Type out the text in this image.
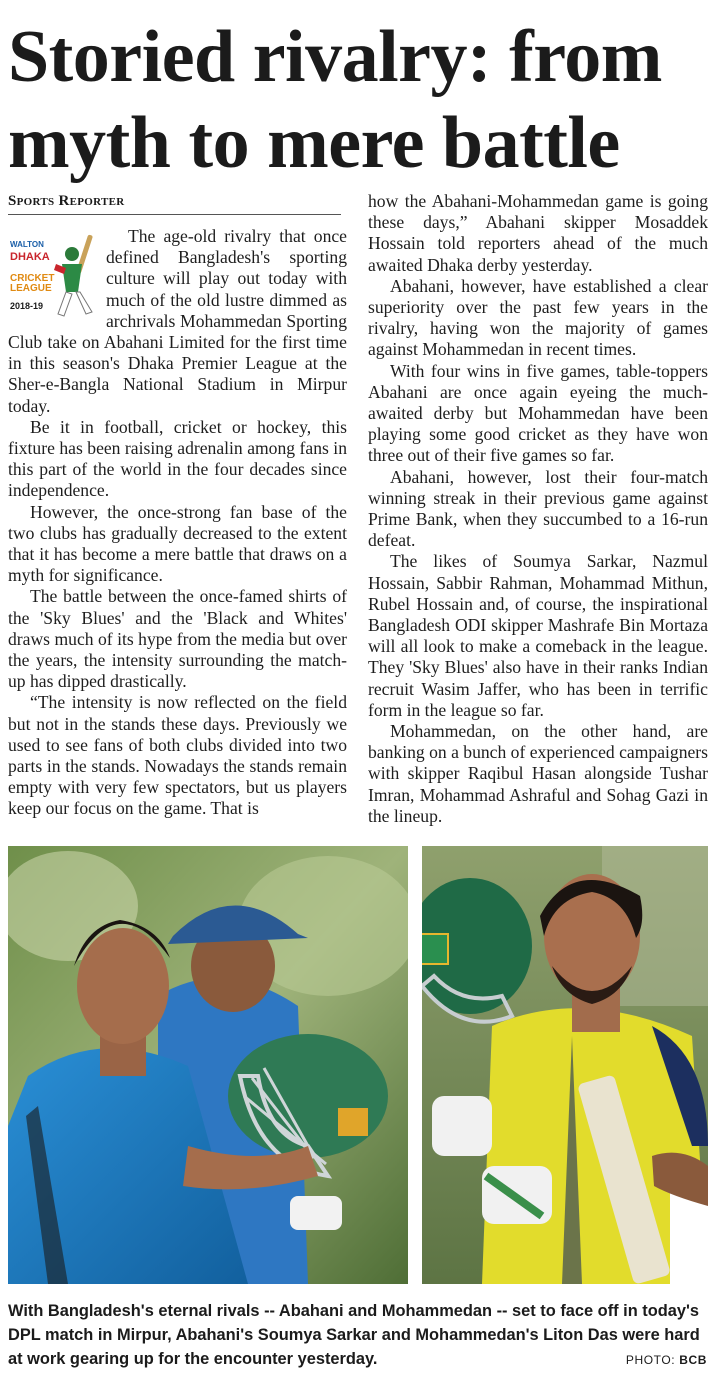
Storied rivalry: from myth to mere battle
Sports Reporter
WALTON
DHAKA
CRICKET LEAGUE
2018-19

The age-old rivalry that once defined Bangladesh's sporting culture will play out today with much of the old lustre dimmed as archrivals Mohammedan Sporting Club take on Abahani Limited for the first time in this season's Dhaka Premier League at the Sher-e-Bangla National Stadium in Mirpur today.

Be it in football, cricket or hockey, this fixture has been raising adrenalin among fans in this part of the world in the four decades since independence.

However, the once-strong fan base of the two clubs has gradually decreased to the extent that it has become a mere battle that draws on a myth for significance.

The battle between the once-famed shirts of the 'Sky Blues' and the 'Black and Whites' draws much of its hype from the media but over the years, the intensity surrounding the match-up has dipped drastically.

“The intensity is now reflected on the field but not in the stands these days. Previously we used to see fans of both clubs divided into two parts in the stands. Nowadays the stands remain empty with very few spectators, but us players keep our focus on the game. That is

how the Abahani-Mohammedan game is going these days,” Abahani skipper Mosaddek Hossain told reporters ahead of the much awaited Dhaka derby yesterday.

Abahani, however, have established a clear superiority over the past few years in the rivalry, having won the majority of games against Mohammedan in recent times.

With four wins in five games, table-toppers Abahani are once again eyeing the much-awaited derby but Mohammedan have been playing some good cricket as they have won three out of their five games so far.

Abahani, however, lost their four-match winning streak in their previous game against Prime Bank, when they succumbed to a 16-run defeat.

The likes of Soumya Sarkar, Nazmul Hossain, Sabbir Rahman, Mohammad Mithun, Rubel Hossain and, of course, the inspirational Bangladesh ODI skipper Mashrafe Bin Mortaza will all look to make a comeback in the league. They 'Sky Blues' also have in their ranks Indian recruit Wasim Jaffer, who has been in terrific form in the league so far.

Mohammedan, on the other hand, are banking on a bunch of experienced campaigners with skipper Raqibul Hasan alongside Tushar Imran, Mohammad Ashraful and Sohag Gazi in the lineup.

With Bangladesh's eternal rivals -- Abahani and Mohammedan -- set to face off in today's DPL match in Mirpur, Abahani's Soumya Sarkar and Mohammedan's Liton Das were hard at work gearing up for the encounter yesterday.	PHOTO: BCB
